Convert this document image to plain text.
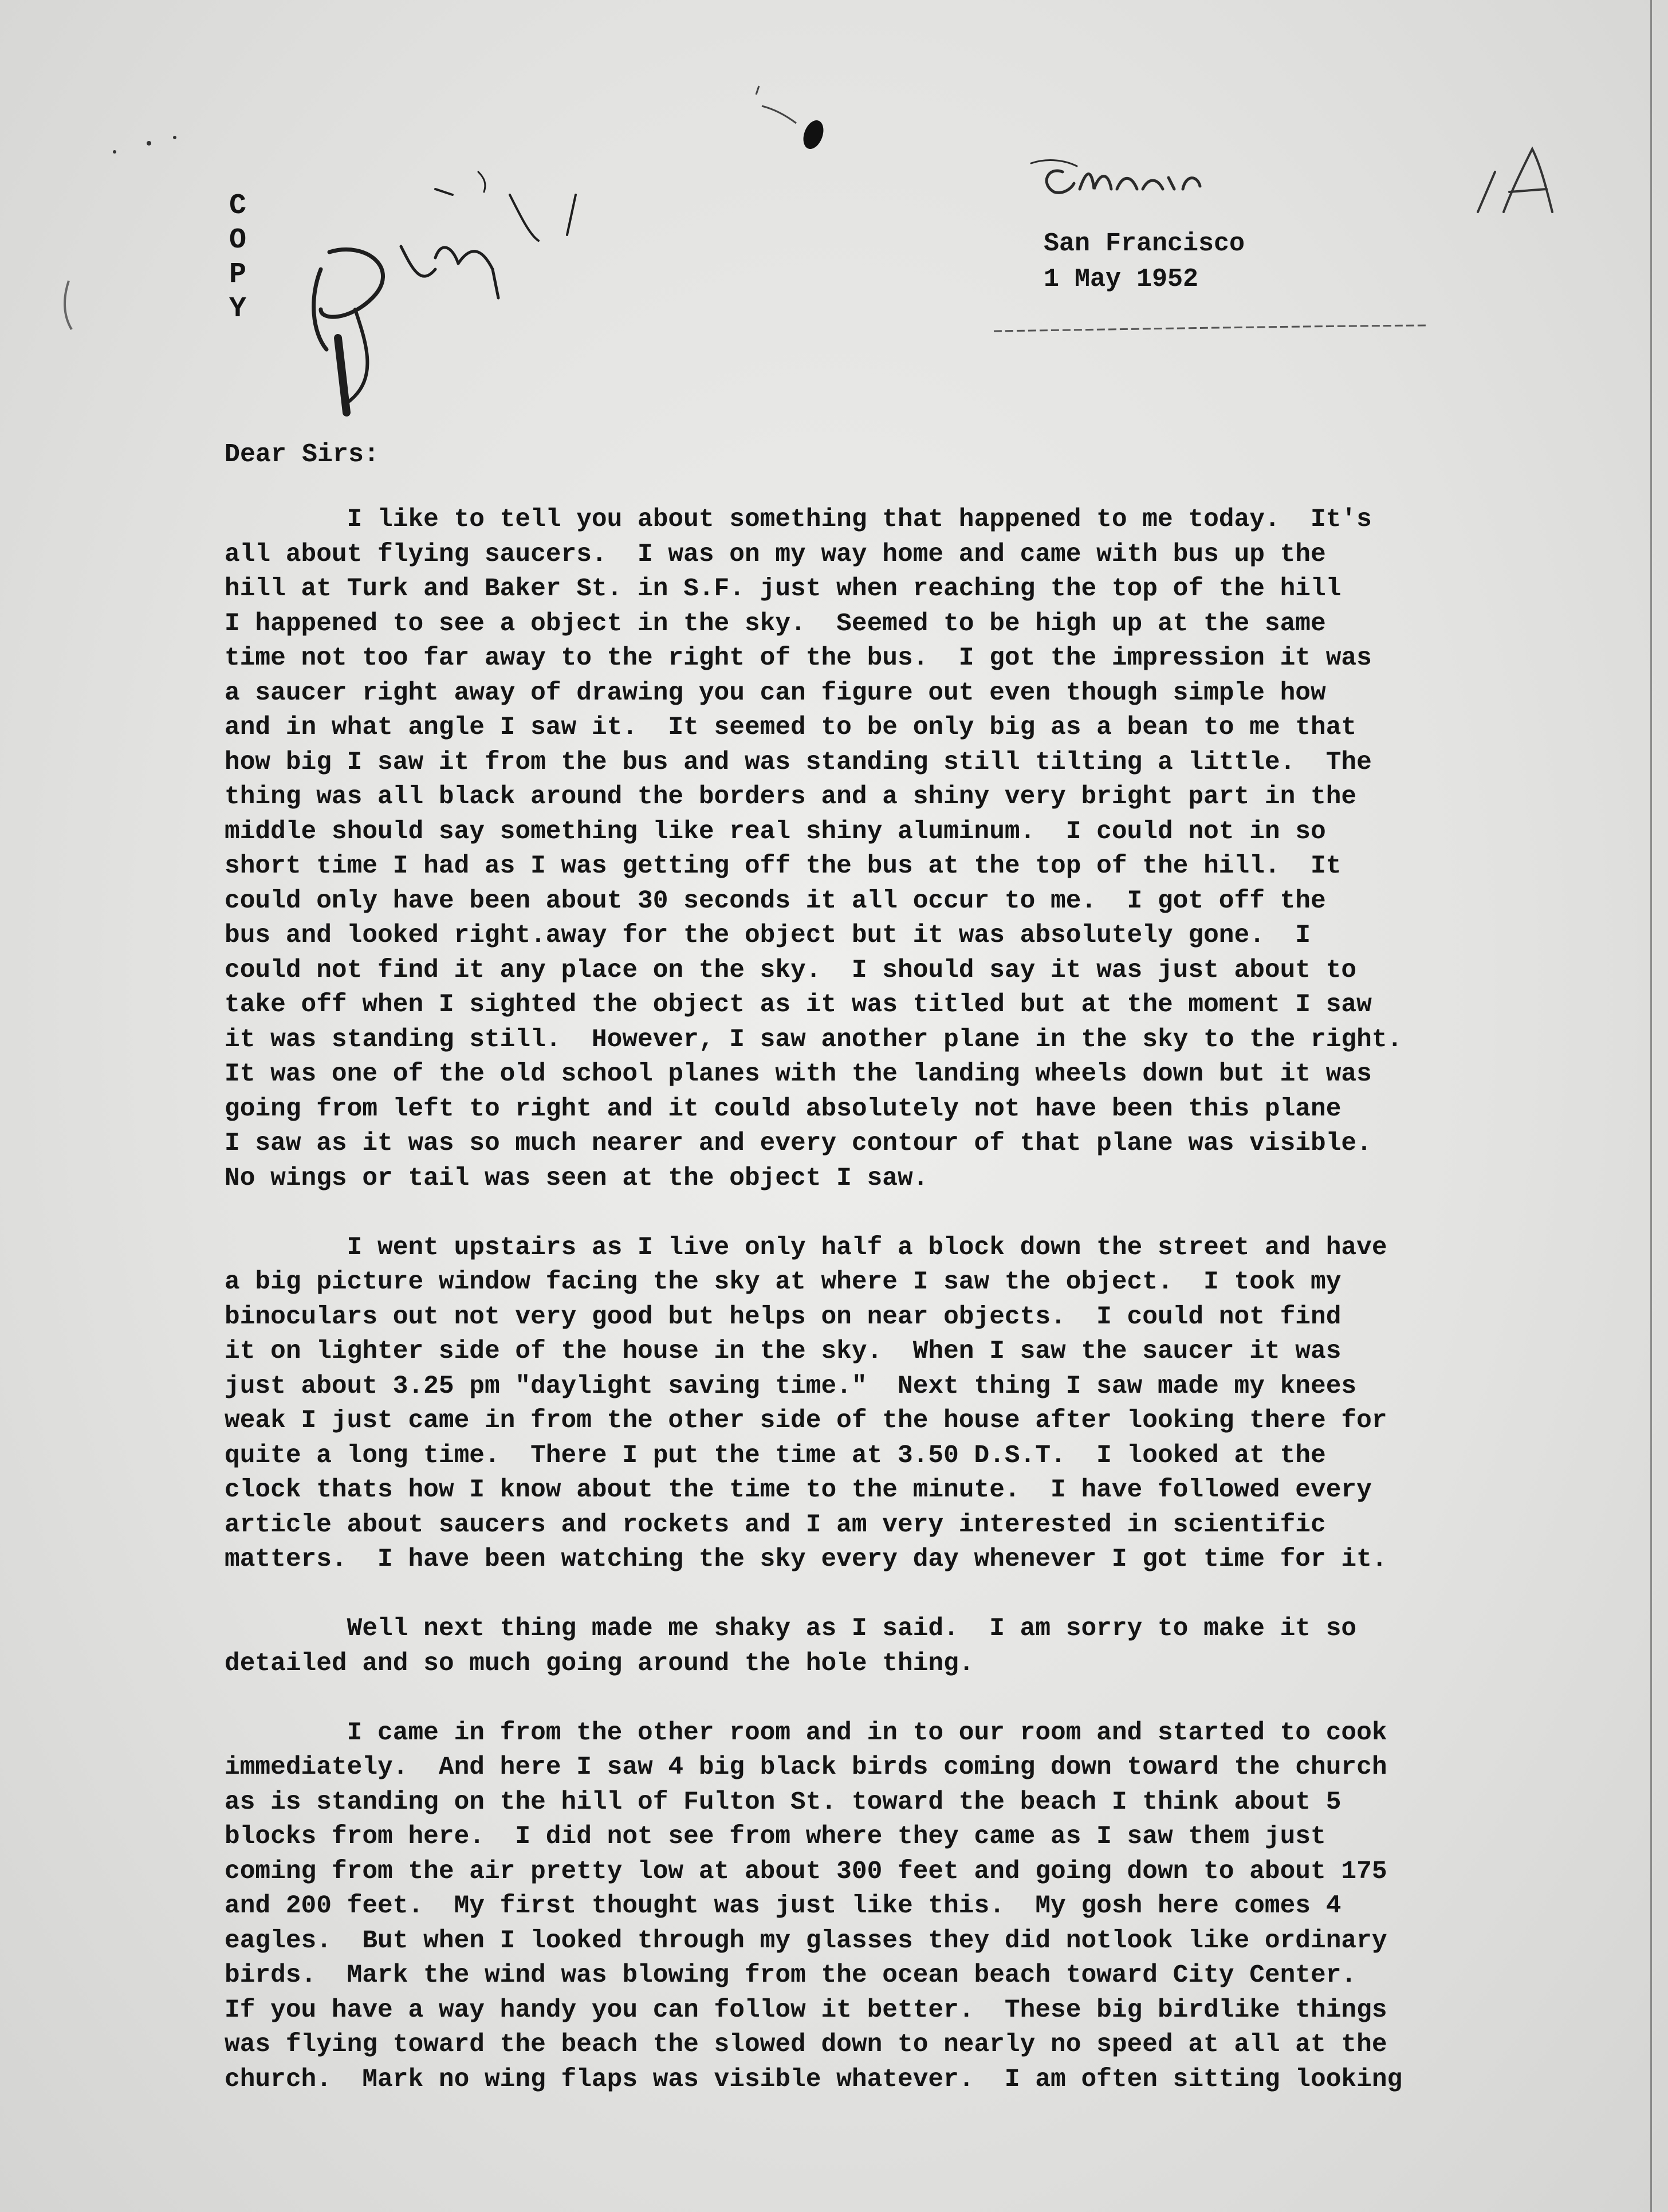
C
O
P
Y
San Francisco
1 May 1952
Dear Sirs:
I like to tell you about something that happened to me today.  It's
all about flying saucers.  I was on my way home and came with bus up the
hill at Turk and Baker St. in S.F. just when reaching the top of the hill
I happened to see a object in the sky.  Seemed to be high up at the same
time not too far away to the right of the bus.  I got the impression it was
a saucer right away of drawing you can figure out even though simple how
and in what angle I saw it.  It seemed to be only big as a bean to me that
how big I saw it from the bus and was standing still tilting a little.  The
thing was all black around the borders and a shiny very bright part in the
middle should say something like real shiny aluminum.  I could not in so
short time I had as I was getting off the bus at the top of the hill.  It
could only have been about 30 seconds it all occur to me.  I got off the
bus and looked right.away for the object but it was absolutely gone.  I
could not find it any place on the sky.  I should say it was just about to
take off when I sighted the object as it was titled but at the moment I saw
it was standing still.  However, I saw another plane in the sky to the right.
It was one of the old school planes with the landing wheels down but it was
going from left to right and it could absolutely not have been this plane
I saw as it was so much nearer and every contour of that plane was visible.
No wings or tail was seen at the object I saw.
I went upstairs as I live only half a block down the street and have
a big picture window facing the sky at where I saw the object.  I took my
binoculars out not very good but helps on near objects.  I could not find
it on lighter side of the house in the sky.  When I saw the saucer it was
just about 3.25 pm "daylight saving time."  Next thing I saw made my knees
weak I just came in from the other side of the house after looking there for
quite a long time.  There I put the time at 3.50 D.S.T.  I looked at the
clock thats how I know about the time to the minute.  I have followed every
article about saucers and rockets and I am very interested in scientific
matters.  I have been watching the sky every day whenever I got time for it.
Well next thing made me shaky as I said.  I am sorry to make it so
detailed and so much going around the hole thing.
I came in from the other room and in to our room and started to cook
immediately.  And here I saw 4 big black birds coming down toward the church
as is standing on the hill of Fulton St. toward the beach I think about 5
blocks from here.  I did not see from where they came as I saw them just
coming from the air pretty low at about 300 feet and going down to about 175
and 200 feet.  My first thought was just like this.  My gosh here comes 4
eagles.  But when I looked through my glasses they did notlook like ordinary
birds.  Mark the wind was blowing from the ocean beach toward City Center.
If you have a way handy you can follow it better.  These big birdlike things
was flying toward the beach the slowed down to nearly no speed at all at the
church.  Mark no wing flaps was visible whatever.  I am often sitting looking
